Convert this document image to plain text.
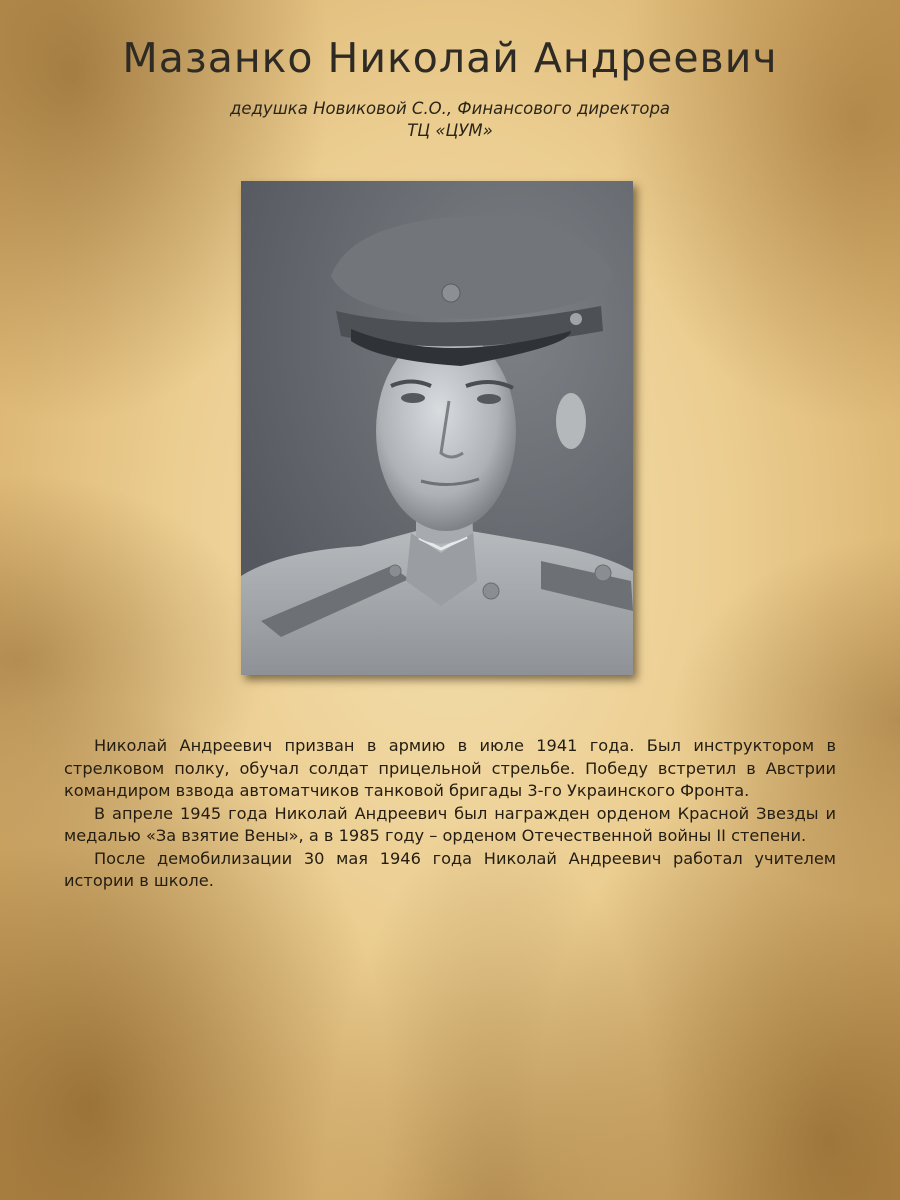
Мазанко Николай Андреевич
дедушка Новиковой С.О., Финансового директора
ТЦ «ЦУМ»

Николай Андреевич призван в армию в июле 1941 года. Был инструктором в стрелковом полку, обучал солдат прицельной стрельбе. Победу встретил в Австрии командиром взвода автоматчиков танковой бригады 3-го Украинского Фронта.

В апреле 1945 года Николай Андреевич был награжден орденом Красной Звезды и медалью «За взятие Вены», а в 1985 году – орденом Отечественной войны II степени.

После демобилизации 30 мая 1946 года Николай Андреевич работал учителем истории в школе.
